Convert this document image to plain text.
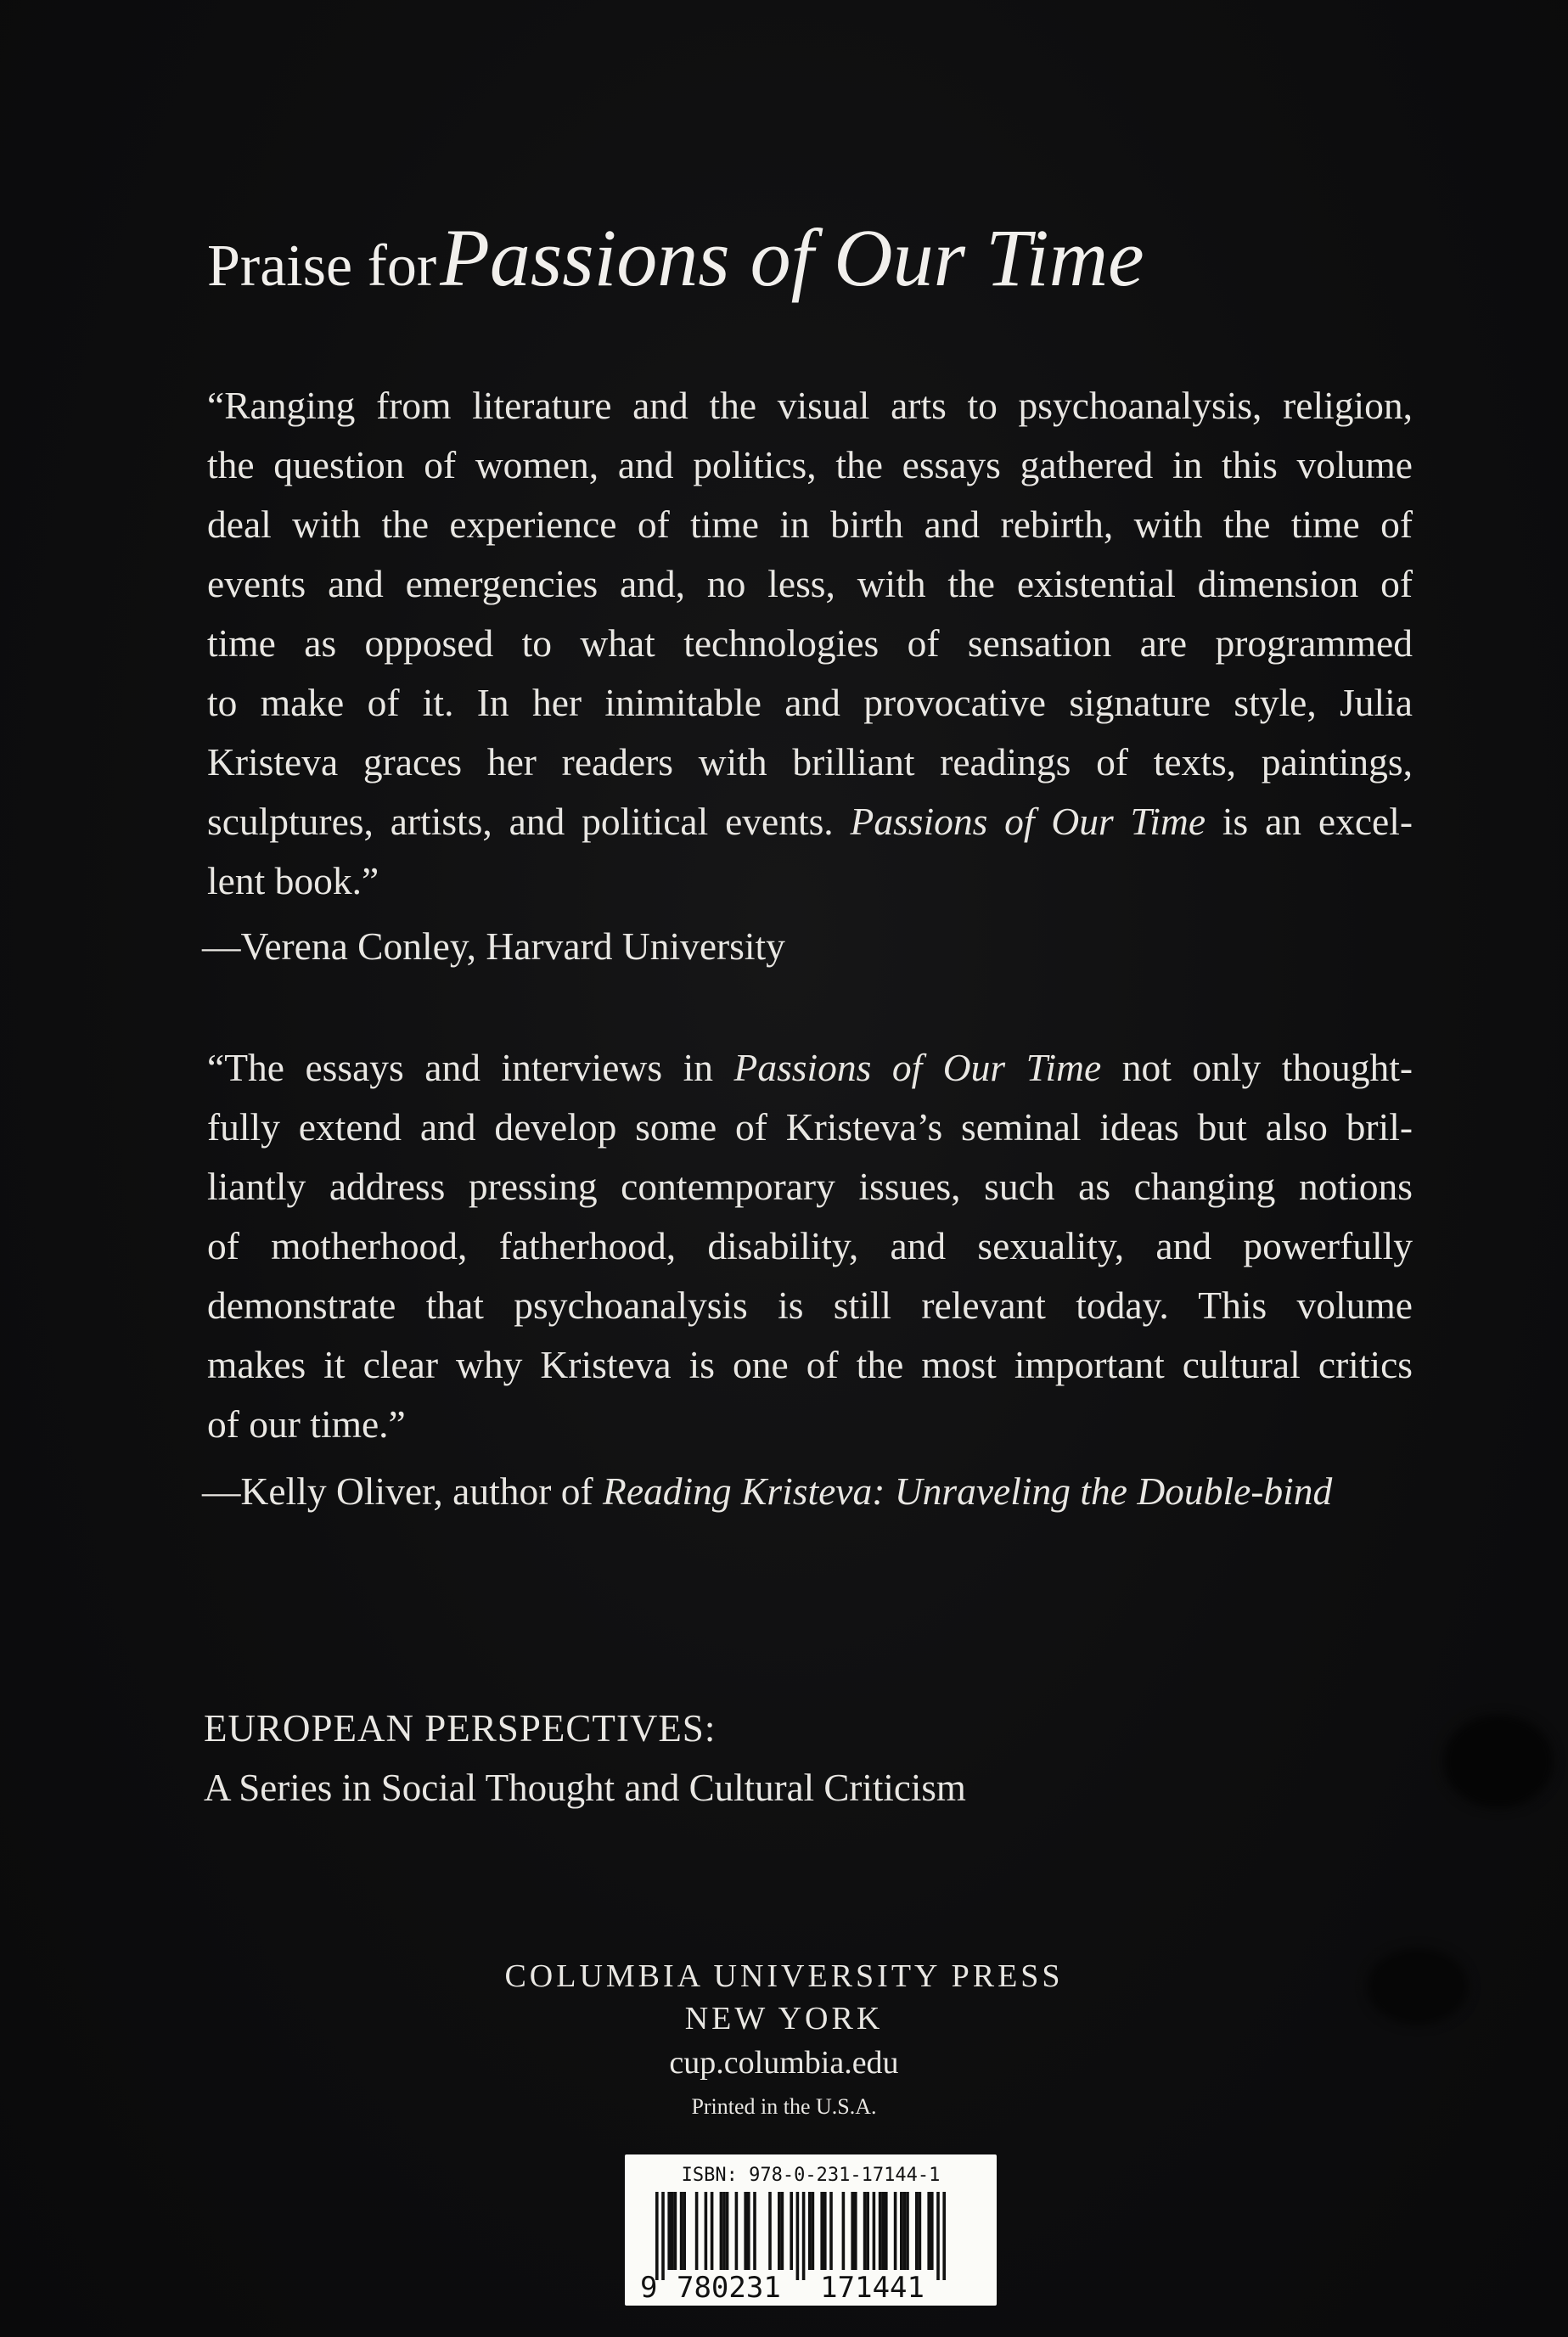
Praise for Passions of Our Time
“Ranging from literature and the visual arts to psychoanalysis, religion,
the question of women, and politics, the essays gathered in this volume
deal with the experience of time in birth and rebirth, with the time of
events and emergencies and, no less, with the existential dimension of
time as opposed to what technologies of sensation are programmed
to make of it. In her inimitable and provocative signature style, Julia
Kristeva graces her readers with brilliant readings of texts, paintings,
sculptures, artists, and political events. Passions of Our Time is an excel-
lent book.”
—Verena Conley, Harvard University
“The essays and interviews in Passions of Our Time not only thought-
fully extend and develop some of Kristeva’s seminal ideas but also bril-
liantly address pressing contemporary issues, such as changing notions
of motherhood, fatherhood, disability, and sexuality, and powerfully
demonstrate that psychoanalysis is still relevant today. This volume
makes it clear why Kristeva is one of the most important cultural critics
of our time.”
—Kelly Oliver, author of Reading Kristeva: Unraveling the Double-bind
EUROPEAN PERSPECTIVES:
A Series in Social Thought and Cultural Criticism
COLUMBIA UNIVERSITY PRESS
NEW YORK
cup.columbia.edu
Printed in the U.S.A.
ISBN: 978-0-231-17144-1
9 780231 171441
